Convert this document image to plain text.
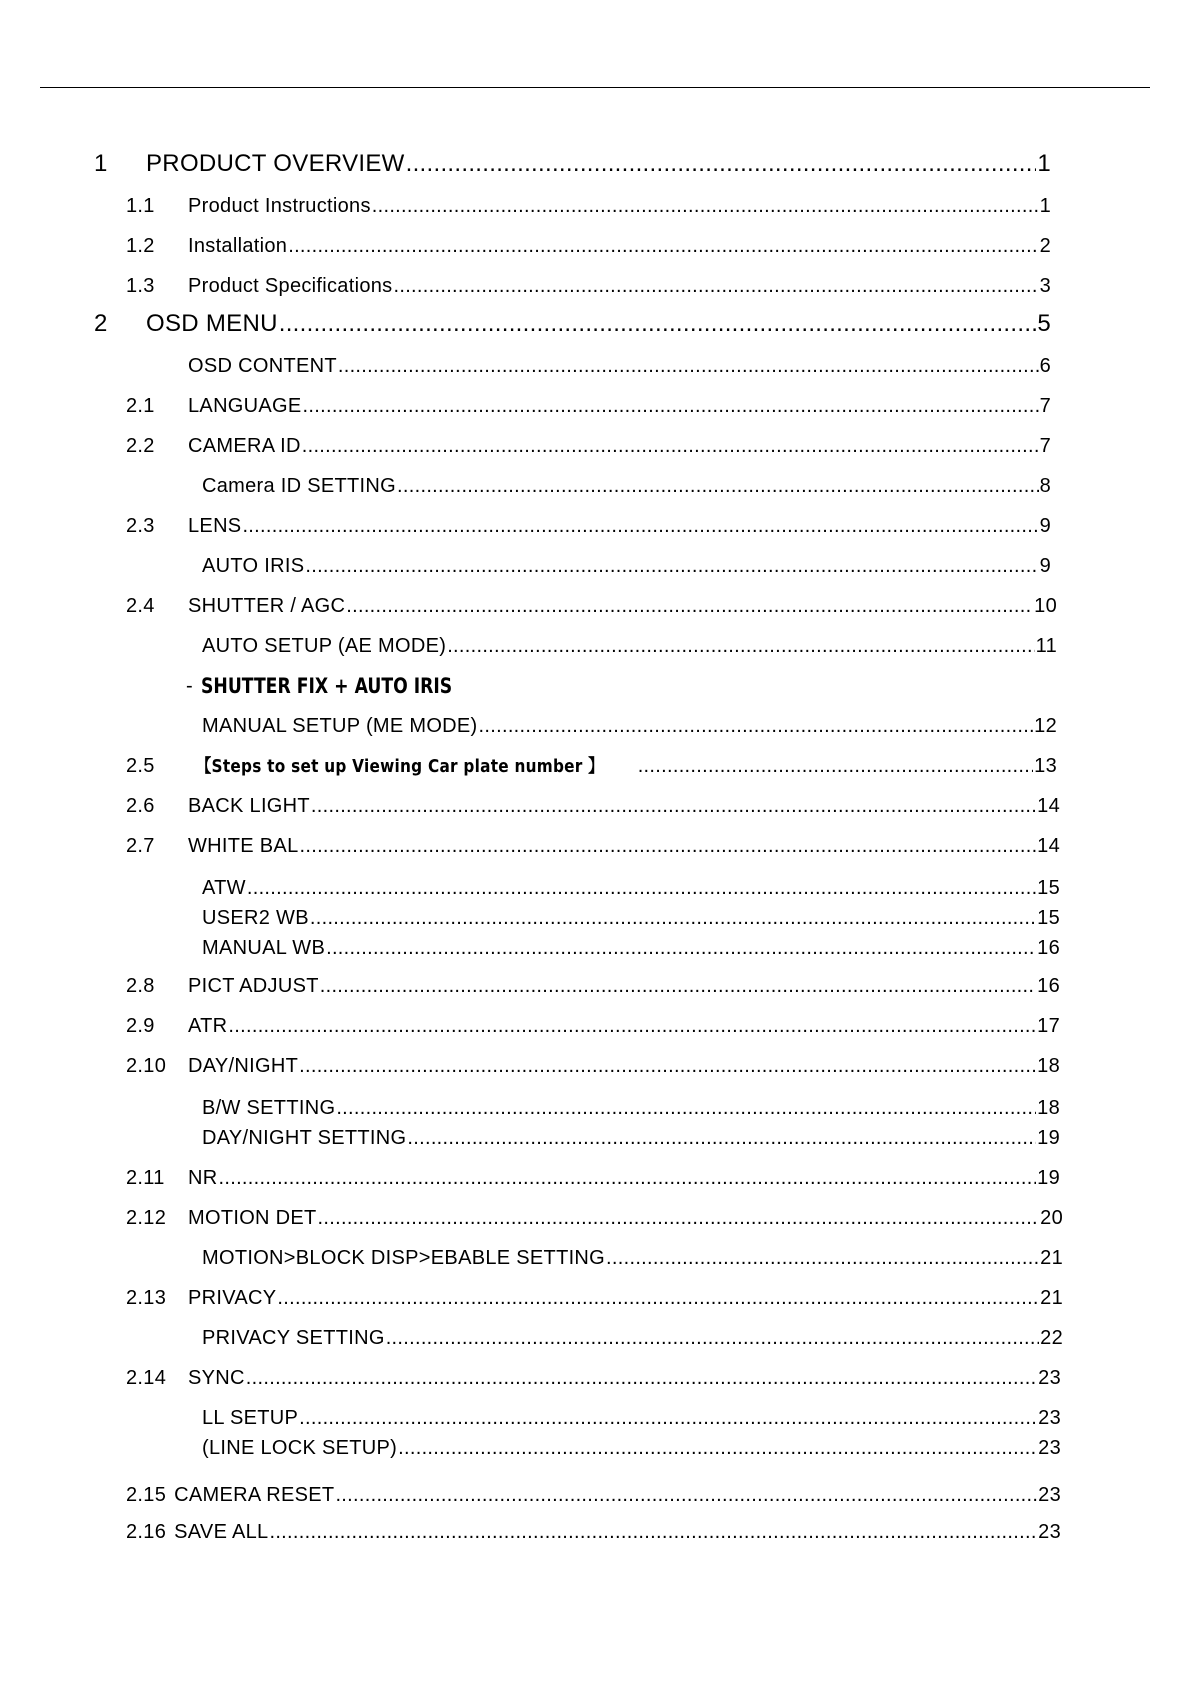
1	PRODUCT OVERVIEW .....	1
1.1	Product Instructions .....	1
1.2	Installation .....	2
1.3	Product Specifications .....	3
2	OSD MENU .....	5
OSD CONTENT .....	6
2.1	LANGUAGE .....	7
2.2	CAMERA ID .....	7
Camera ID SETTING .....	8
2.3	LENS .....	9
AUTO IRIS .....	9
2.4	SHUTTER / AGC .....	10
AUTO SETUP (AE MODE) .....	11
- SHUTTER FIX + AUTO IRIS
MANUAL SETUP (ME MODE) .....	12
2.5	【Steps to set up Viewing Car plate number 】 .....	13
2.6	BACK LIGHT .....	14
2.7	WHITE BAL .....	14
ATW .....	15
USER2 WB .....	15
MANUAL WB .....	16
2.8	PICT ADJUST .....	16
2.9	ATR .....	17
2.10	DAY/NIGHT .....	18
B/W SETTING .....	18
DAY/NIGHT SETTING .....	19
2.11	NR .....	19
2.12	MOTION DET .....	20
MOTION>BLOCK DISP>EBABLE SETTING .....	21
2.13	PRIVACY .....	21
PRIVACY SETTING .....	22
2.14	SYNC .....	23
LL SETUP .....	23
(LINE LOCK SETUP) .....	23
2.15 CAMERA RESET .....	23
2.16 SAVE ALL .....	23
